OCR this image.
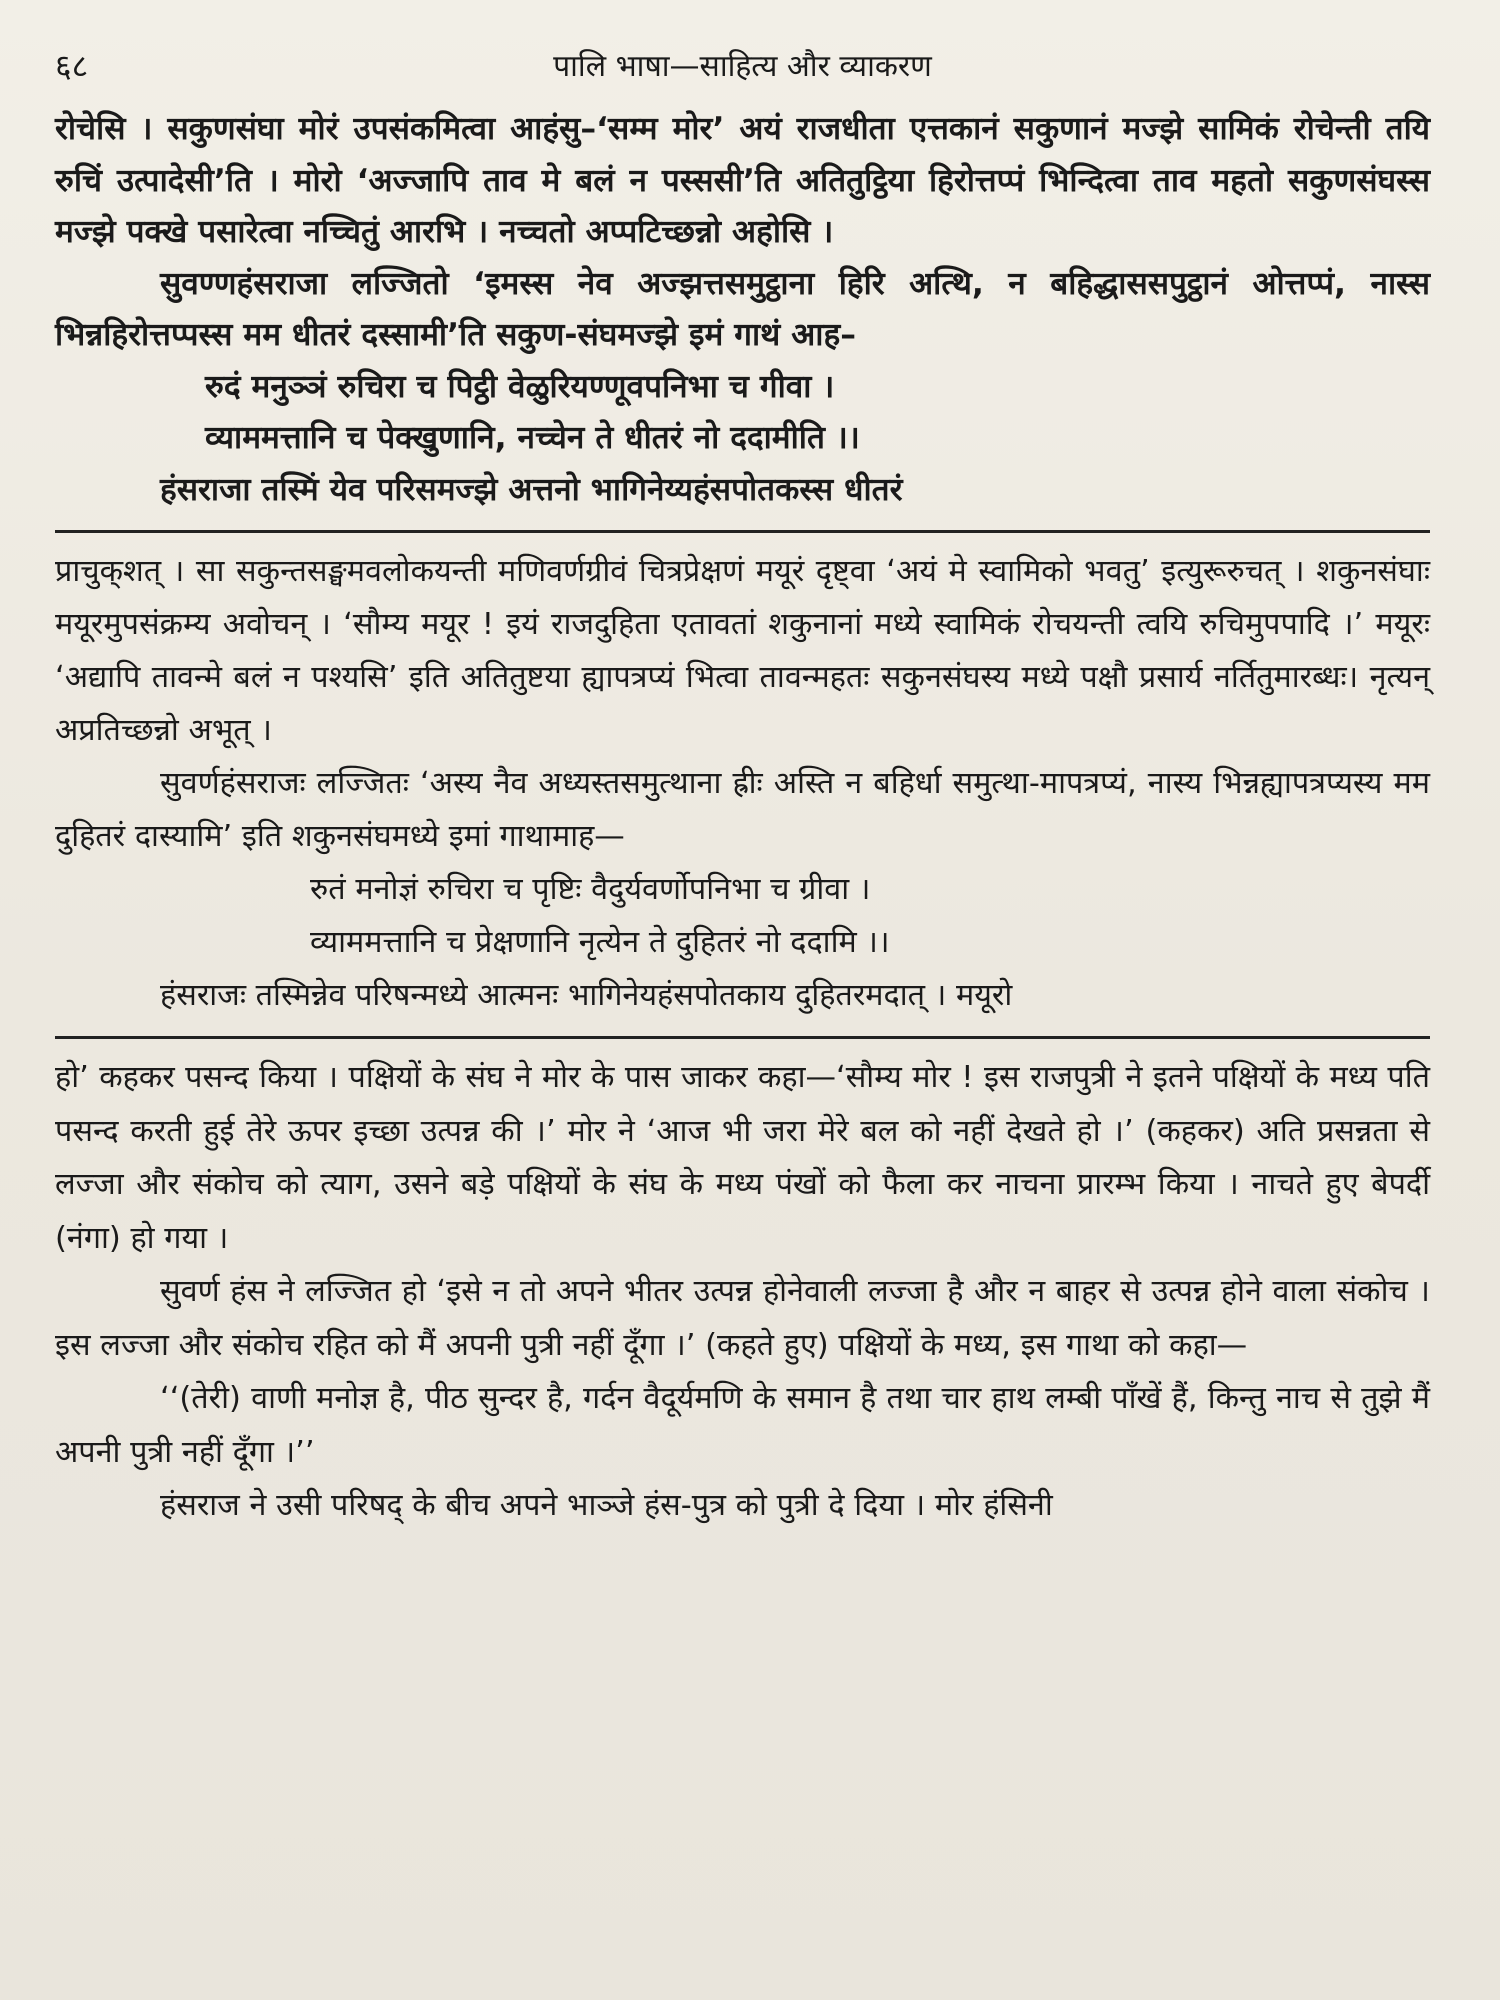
६८	पालि भाषा—साहित्य और व्याकरण

रोचेसि । सकुणसंघा मोरं उपसंकमित्वा आहंसु–‘सम्म मोर’ अयं राजधीता एत्तकानं सकुणानं मज्झे सामिकं रोचेन्ती तयि रुचिं उत्पादेसी’ति । मोरो ‘अज्जापि ताव मे बलं न पस्ससी’ति अतितुट्ठिया हिरोत्तप्पं भिन्दित्वा ताव महतो सकुणसंघस्स मज्झे पक्खे पसारेत्वा नच्चितुं आरभि । नच्चतो अप्पटिच्छन्नो अहोसि ।

सुवण्णहंसराजा लज्जितो ‘इमस्स नेव अज्झत्तसमुट्ठाना हिरि अत्थि, न बहिद्धाससपुट्ठानं ओत्तप्पं, नास्स भिन्नहिरोत्तप्पस्स मम धीतरं दस्सामी’ति सकुण-संघमज्झे इमं गाथं आह–

रुदं मनुञ्ञं रुचिरा च पिट्ठी वेळुरियण्णूवपनिभा च गीवा ।

व्याममत्तानि च पेक्खुणानि, नच्चेन ते धीतरं नो ददामीति ।।

हंसराजा तस्मिं येव परिसमज्झे अत्तनो भागिनेय्यहंसपोतकस्स धीतरं

प्राचुक्‌शत् । सा सकुन्तसङ्घमवलोकयन्ती मणिवर्णग्रीवं चित्रप्रेक्षणं मयूरं दृष्ट्वा ‘अयं मे स्वामिको भवतु’ इत्युरूरुचत् । शकुनसंघाः मयूरमुपसंक्रम्य अवोचन् । ‘सौम्य मयूर ! इयं राजदुहिता एतावतां शकुनानां मध्ये स्वामिकं रोचयन्ती त्वयि रुचिमुपपादि ।’ मयूरः ‘अद्यापि तावन्मे बलं न पश्यसि’ इति अतितुष्टया ह्यापत्रप्यं भित्वा तावन्महतः सकुनसंघस्य मध्ये पक्षौ प्रसार्य नर्तितुमारब्धः। नृत्यन् अप्रतिच्छन्नो अभूत् ।

सुवर्णहंसराजः लज्जितः ‘अस्य नैव अध्यस्तसमुत्थाना ह्रीः अस्ति न बहिर्धा समुत्था-मापत्रप्यं, नास्य भिन्नह्यापत्रप्यस्य मम दुहितरं दास्यामि’ इति शकुनसंघमध्ये इमां गाथामाह—

रुतं मनोज्ञं रुचिरा च पृष्टिः वैदुर्यवर्णोपनिभा च ग्रीवा ।

व्याममत्तानि च प्रेक्षणानि नृत्येन ते दुहितरं नो ददामि ।।

हंसराजः तस्मिन्नेव परिषन्मध्ये आत्मनः भागिनेयहंसपोतकाय दुहितरमदात् । मयूरो

हो’ कहकर पसन्द किया । पक्षियों के संघ ने मोर के पास जाकर कहा—‘सौम्य मोर ! इस राजपुत्री ने इतने पक्षियों के मध्य पति पसन्द करती हुई तेरे ऊपर इच्छा उत्पन्न की ।’ मोर ने ‘आज भी जरा मेरे बल को नहीं देखते हो ।’ (कहकर) अति प्रसन्नता से लज्जा और संकोच को त्याग, उसने बड़े पक्षियों के संघ के मध्य पंखों को फैला कर नाचना प्रारम्भ किया । नाचते हुए बेपर्दी (नंगा) हो गया ।

सुवर्ण हंस ने लज्जित हो ‘इसे न तो अपने भीतर उत्पन्न होनेवाली लज्जा है और न बाहर से उत्पन्न होने वाला संकोच । इस लज्जा और संकोच रहित को मैं अपनी पुत्री नहीं दूँगा ।’ (कहते हुए) पक्षियों के मध्य, इस गाथा को कहा—

‘‘(तेरी) वाणी मनोज्ञ है, पीठ सुन्दर है, गर्दन वैदूर्यमणि के समान है तथा चार हाथ लम्बी पाँखें हैं, किन्तु नाच से तुझे मैं अपनी पुत्री नहीं दूँगा ।’’

हंसराज ने उसी परिषद् के बीच अपने भाञ्जे हंस-पुत्र को पुत्री दे दिया । मोर हंसिनी
